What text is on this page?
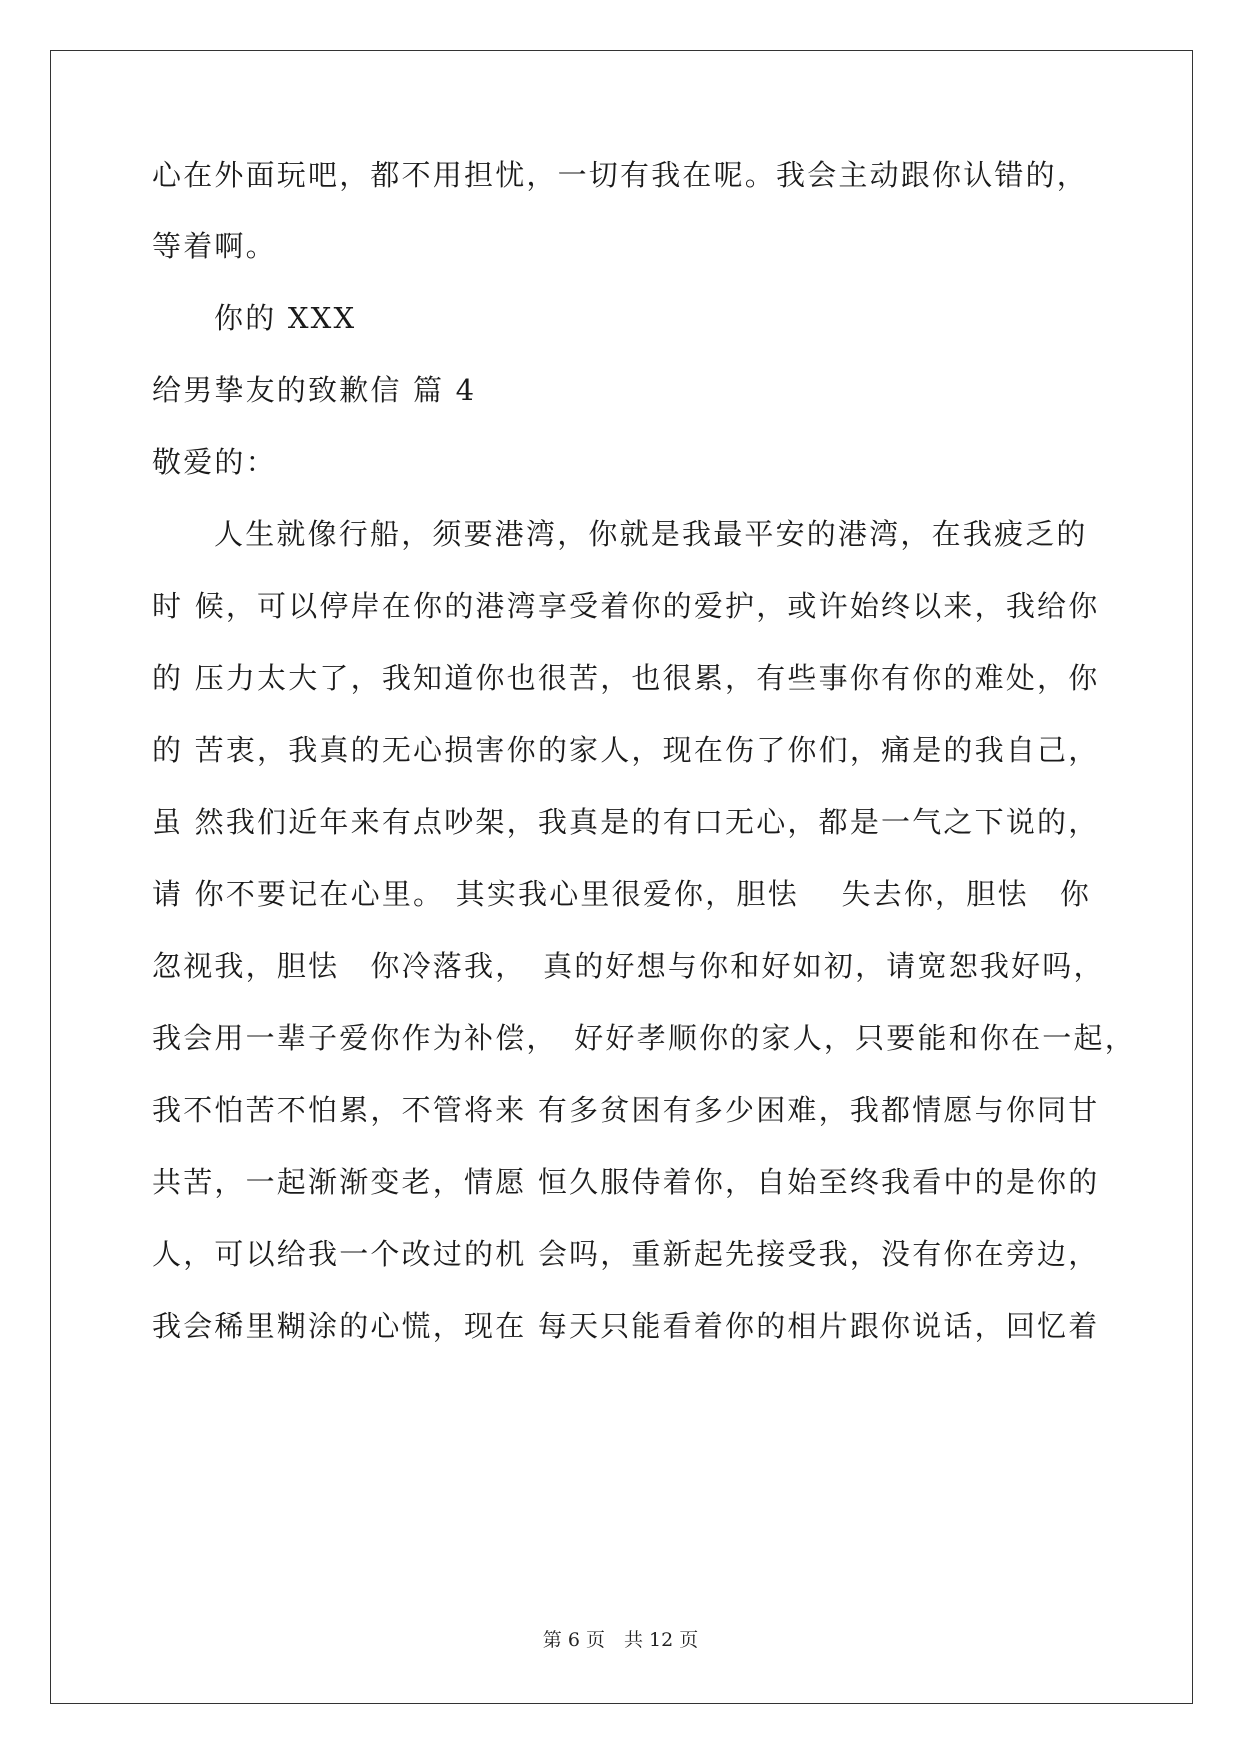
心在外面玩吧，都不用担忧，一切有我在呢。我会主动跟你认错的，
等着啊。
你的 XXX
给男挚友的致歉信 篇 4
敬爱的：
人生就像行船，须要港湾，你就是我最平安的港湾，在我疲乏的
时 候，可以停岸在你的港湾享受着你的爱护，或许始终以来，我给你
的 压力太大了，我知道你也很苦，也很累，有些事你有你的难处，你
的 苦衷，我真的无心损害你的家人，现在伤了你们，痛是的我自己，
虽 然我们近年来有点吵架，我真是的有口无心，都是一气之下说的，
请 你不要记在心里。 其实我心里很爱你，胆怯　 失去你，胆怯　你
忽视我，胆怯　你冷落我，　真的好想与你和好如初，请宽恕我好吗，
我会用一辈子爱你作为补偿，　好好孝顺你的家人，只要能和你在一起，
我不怕苦不怕累，不管将来 有多贫困有多少困难，我都情愿与你同甘
共苦，一起渐渐变老，情愿 恒久服侍着你，自始至终我看中的是你的
人，可以给我一个改过的机 会吗，重新起先接受我，没有你在旁边，
我会稀里糊涂的心慌，现在 每天只能看着你的相片跟你说话，回忆着
第 6 页　共 12 页
